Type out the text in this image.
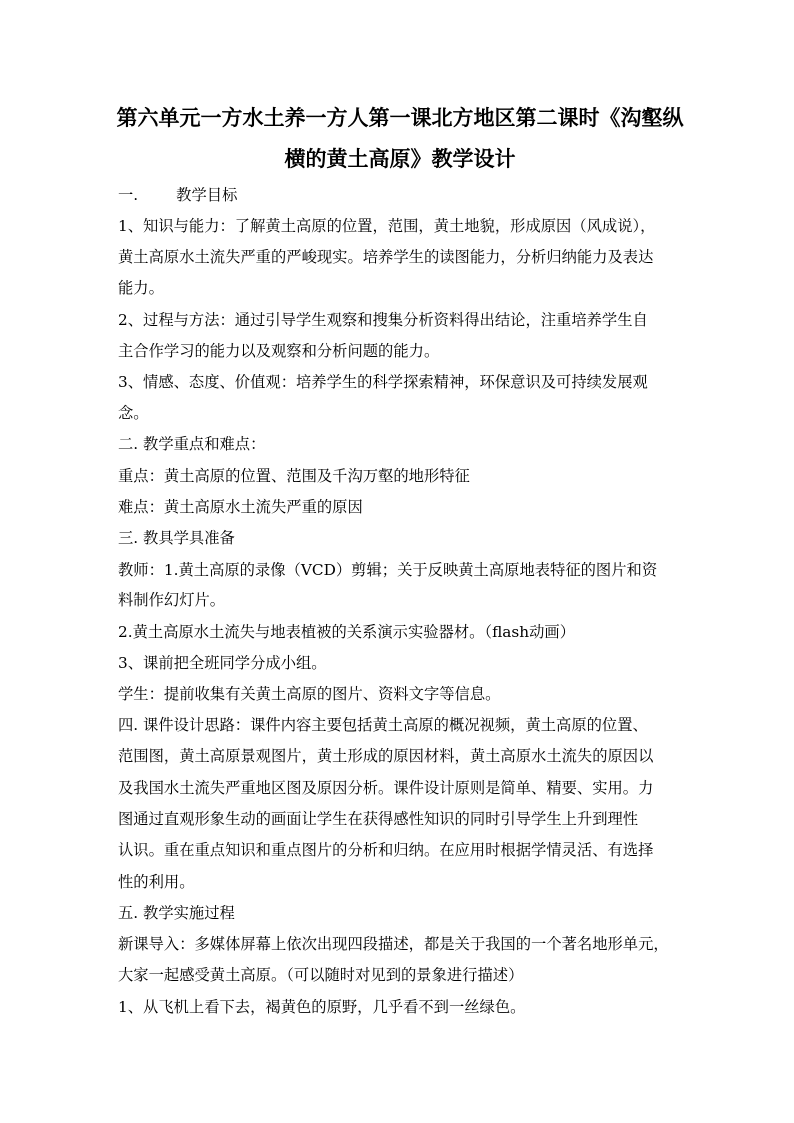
第六单元一方水土养一方人第一课北方地区第二课时《沟壑纵
横的黄土高原》教学设计
一. 教学目标
1、知识与能力：了解黄土高原的位置，范围，黄土地貌，形成原因（风成说），
黄土高原水土流失严重的严峻现实。培养学生的读图能力，分析归纳能力及表达
能力。
2、过程与方法：通过引导学生观察和搜集分析资料得出结论，注重培养学生自
主合作学习的能力以及观察和分析问题的能力。
3、情感、态度、价值观：培养学生的科学探索精神，环保意识及可持续发展观
念。
二. 教学重点和难点：
重点：黄土高原的位置、范围及千沟万壑的地形特征
难点：黄土高原水土流失严重的原因
三. 教具学具准备
教师：1.黄土高原的录像（VCD）剪辑；关于反映黄土高原地表特征的图片和资
料制作幻灯片。
2.黄土高原水土流失与地表植被的关系演示实验器材。（flash动画）
3、课前把全班同学分成小组。
学生：提前收集有关黄土高原的图片、资料文字等信息。
四. 课件设计思路：课件内容主要包括黄土高原的概况视频，黄土高原的位置、
范围图，黄土高原景观图片，黄土形成的原因材料，黄土高原水土流失的原因以
及我国水土流失严重地区图及原因分析。课件设计原则是简单、精要、实用。力
图通过直观形象生动的画面让学生在获得感性知识的同时引导学生上升到理性
认识。重在重点知识和重点图片的分析和归纳。在应用时根据学情灵活、有选择
性的利用。
五. 教学实施过程
新课导入：多媒体屏幕上依次出现四段描述，都是关于我国的一个著名地形单元，
大家一起感受黄土高原。（可以随时对见到的景象进行描述）
1、从飞机上看下去，褐黄色的原野，几乎看不到一丝绿色。
